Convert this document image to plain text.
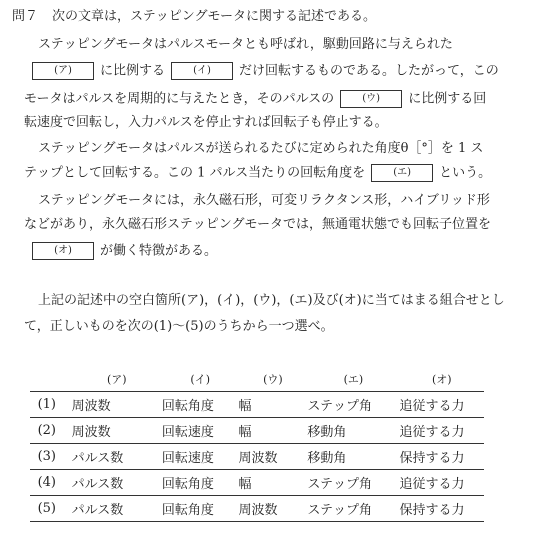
問７ 次の文章は，ステッピングモータに関する記述である。
ステッピングモータはパルスモータとも呼ばれ，駆動回路に与えられた
(ア) に比例する	(イ) だけ回転するものである。したがって，この
モータはパルスを周期的に与えたとき，そのパルスの	(ウ) に比例する回
転速度で回転し，入力パルスを停止すれば回転子も停止する。
ステッピングモータはパルスが送られるたびに定められた角度θ［°］を 1 ス
テップとして回転する。この 1 パルス当たりの回転角度を	(エ) という。
ステッピングモータには，永久磁石形，可変リラクタンス形，ハイブリッド形
などがあり，永久磁石形ステッピングモータでは，無通電状態でも回転子位置を
(オ) が働く特徴がある。
上記の記述中の空白箇所(ア)，(イ)，(ウ)，(エ)及び(オ)に当てはまる組合せとし
て，正しいものを次の(1)～(5)のうちから一つ選べ。
	(ア)	(イ)	(ウ)	(エ)	(オ)
(1)	周波数	回転角度	幅	ステップ角	追従する力
(2)	周波数	回転速度	幅	移動角	追従する力
(3)	パルス数	回転速度	周波数	移動角	保持する力
(4)	パルス数	回転角度	幅	ステップ角	追従する力
(5)	パルス数	回転角度	周波数	ステップ角	保持する力
